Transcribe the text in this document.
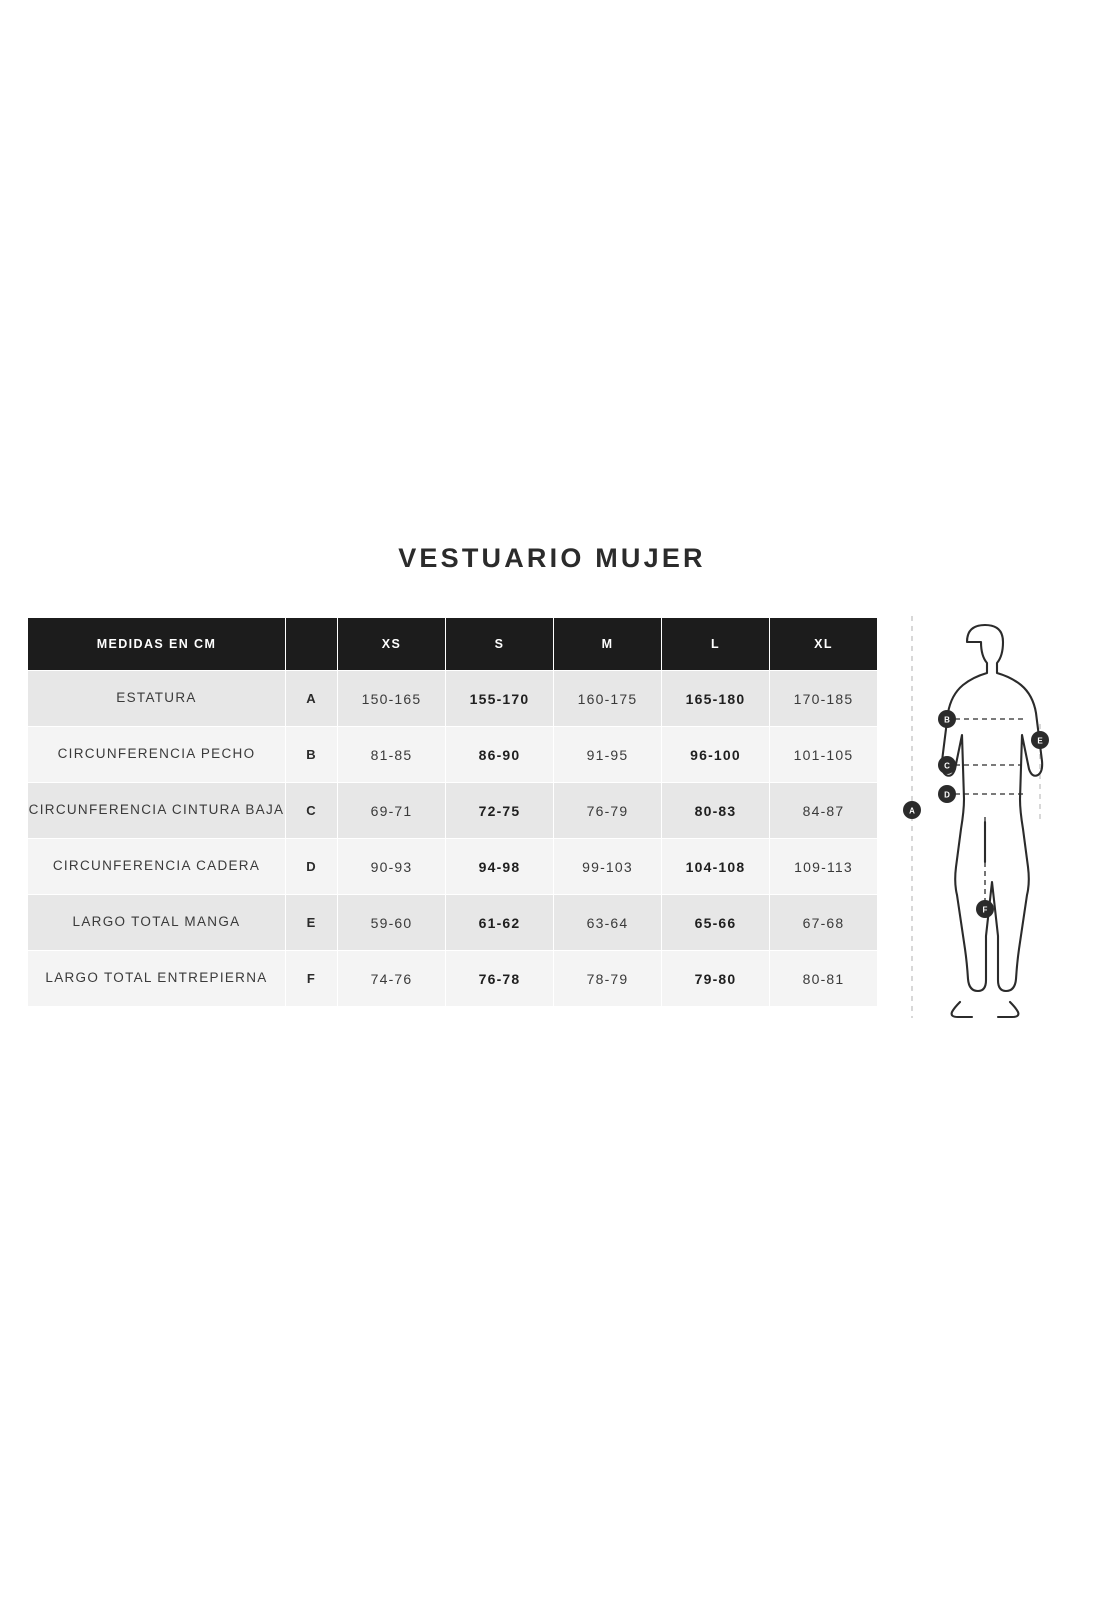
VESTUARIO MUJER
MEDIDAS EN CM		XS	S	M	L	XL
ESTATURA	A	150-165	155-170	160-175	165-180	170-185
CIRCUNFERENCIA PECHO	B	81-85	86-90	91-95	96-100	101-105
CIRCUNFERENCIA CINTURA BAJA	C	69-71	72-75	76-79	80-83	84-87
CIRCUNFERENCIA CADERA	D	90-93	94-98	99-103	104-108	109-113
LARGO TOTAL MANGA	E	59-60	61-62	63-64	65-66	67-68
LARGO TOTAL ENTREPIERNA	F	74-76	76-78	78-79	79-80	80-81
A
B
C
D
E
F
